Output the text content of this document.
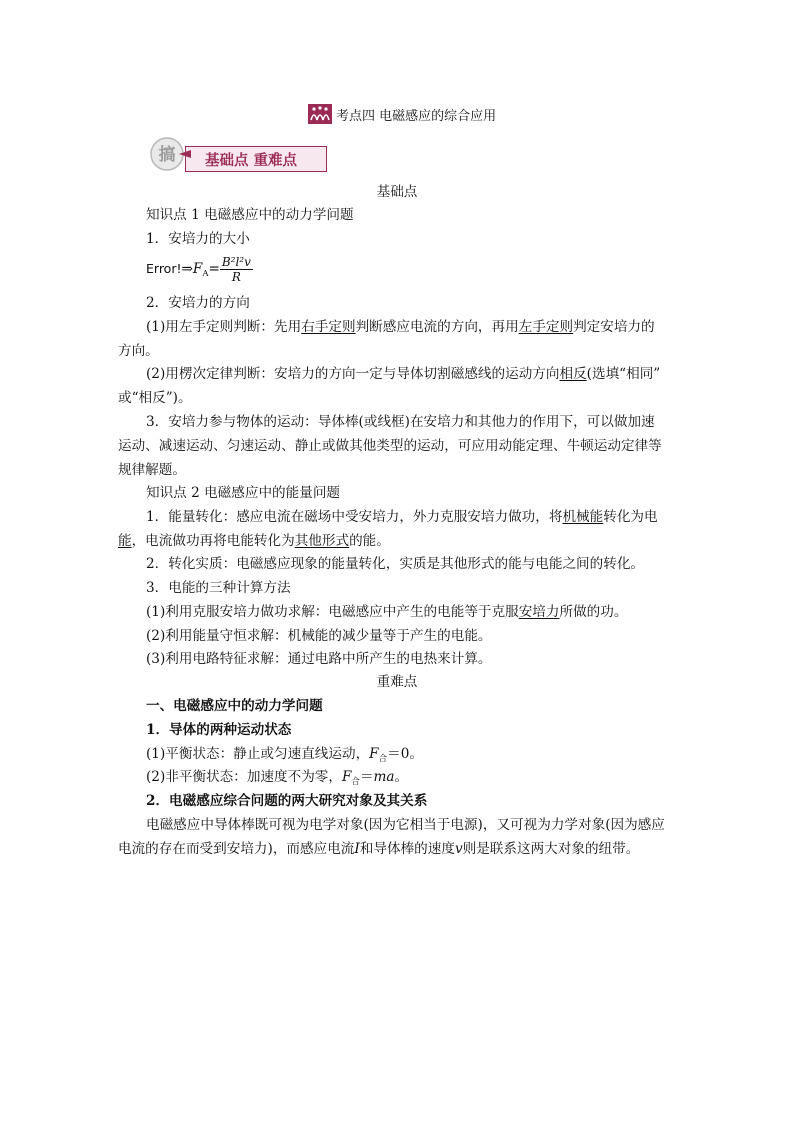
考点四 电磁感应的综合应用
搞 基础点 重难点
基础点
知识点 1 电磁感应中的动力学问题
1．安培力的大小
$Error!\Rightarrow F_A= \frac{\text{B²l²v}}{R}$
2．安培力的方向
(1)用左手定则判断：先用右手定则判断感应电流的方向，再用左手定则判定安培力的
方向。
(2)用楞次定律判断：安培力的方向一定与导体切割磁感线的运动方向相反(选填“相同”
或“相反”)。
3．安培力参与物体的运动：导体棒(或线框)在安培力和其他力的作用下，可以做加速
运动、减速运动、匀速运动、静止或做其他类型的运动，可应用动能定理、牛顿运动定律等
规律解题。
知识点 2 电磁感应中的能量问题
1．能量转化：感应电流在磁场中受安培力，外力克服安培力做功，将机械能转化为电
能，电流做功再将电能转化为其他形式的能。
2．转化实质：电磁感应现象的能量转化，实质是其他形式的能与电能之间的转化。
3．电能的三种计算方法
(1)利用克服安培力做功求解：电磁感应中产生的电能等于克服安培力所做的功。
(2)利用能量守恒求解：机械能的减少量等于产生的电能。
(3)利用电路特征求解：通过电路中所产生的电热来计算。
重难点
一、电磁感应中的动力学问题
1．导体的两种运动状态
(1)平衡状态：静止或匀速直线运动，$F_合=0$。
(2)非平衡状态：加速度不为零，$F_合=ma$。
2．电磁感应综合问题的两大研究对象及其关系
电磁感应中导体棒既可视为电学对象(因为它相当于电源)，又可视为力学对象(因为感应
电流的存在而受到安培力)，而感应电流I和导体棒的速度v则是联系这两大对象的纽带。
